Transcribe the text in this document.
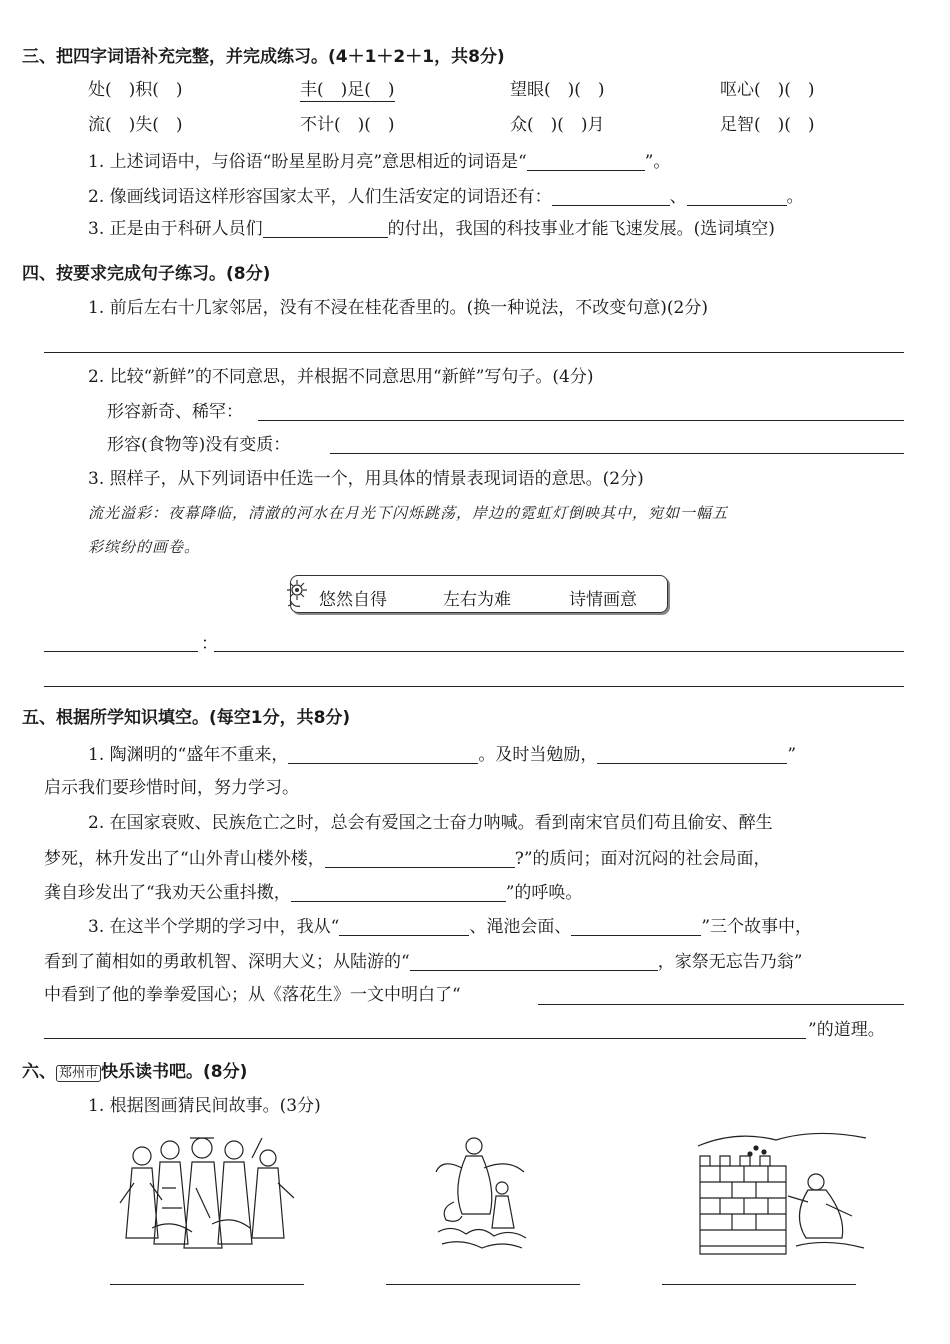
三、把四字词语补充完整，并完成练习。(4＋1＋2＋1，共8分)
处(　)积(　)	丰(　)足(　)	望眼(　)(　)	呕心(　)(　)
流(　)失(　)	不计(　)(　)	众(　)(　)月	足智(　)(　)
1. 上述词语中，与俗语“盼星星盼月亮”意思相近的词语是“	”。
2. 像画线词语这样形容国家太平，人们生活安定的词语还有：	、	。
3. 正是由于科研人员们	的付出，我国的科技事业才能飞速发展。(选词填空)
四、按要求完成句子练习。(8分)
1. 前后左右十几家邻居，没有不浸在桂花香里的。(换一种说法，不改变句意)(2分)
2. 比较“新鲜”的不同意思，并根据不同意思用“新鲜”写句子。(4分)
形容新奇、稀罕：
形容(食物等)没有变质：
3. 照样子，从下列词语中任选一个，用具体的情景表现词语的意思。(2分)
流光溢彩：夜幕降临，清澈的河水在月光下闪烁跳荡，岸边的霓虹灯倒映其中，宛如一幅五
彩缤纷的画卷。
悠然自得	左右为难	诗情画意
：
五、根据所学知识填空。(每空1分，共8分)
1. 陶渊明的“盛年不重来，	。及时当勉励，	”
启示我们要珍惜时间，努力学习。
2. 在国家衰败、民族危亡之时，总会有爱国之士奋力呐喊。看到南宋官员们苟且偷安、醉生
梦死，林升发出了“山外青山楼外楼，	?”的质问；面对沉闷的社会局面，
龚自珍发出了“我劝天公重抖擞，	”的呼唤。
3. 在这半个学期的学习中，我从“	、渑池会面、	”三个故事中，
看到了蔺相如的勇敢机智、深明大义；从陆游的“	，家祭无忘告乃翁”
中看到了他的拳拳爱国心；从《落花生》一文中明白了“
”的道理。
六、 郑州市 快乐读书吧。(8分)
1. 根据图画猜民间故事。(3分)
